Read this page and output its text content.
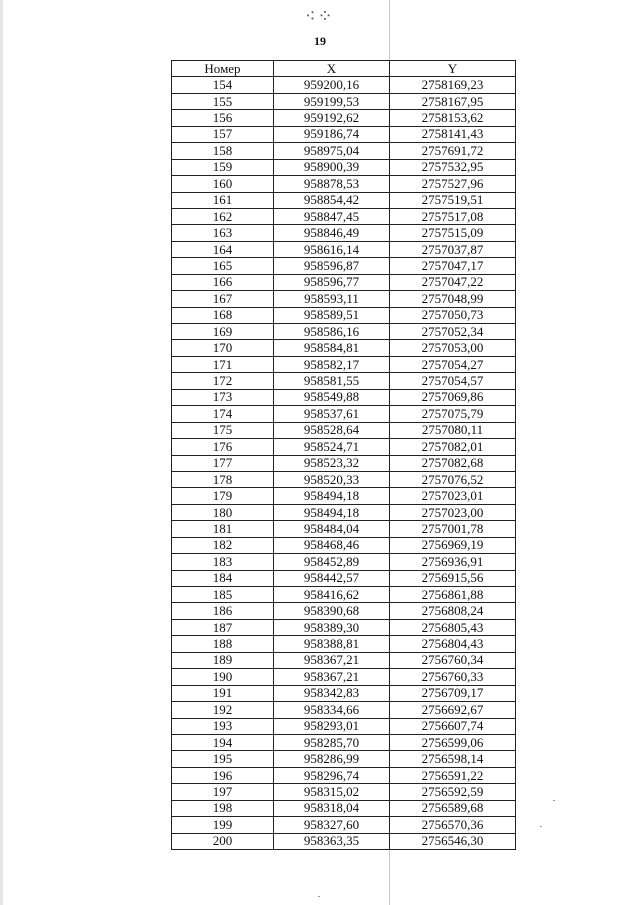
⁖⁘
19
Номер	X	Y
154	959200,16	2758169,23
155	959199,53	2758167,95
156	959192,62	2758153,62
157	959186,74	2758141,43
158	958975,04	2757691,72
159	958900,39	2757532,95
160	958878,53	2757527,96
161	958854,42	2757519,51
162	958847,45	2757517,08
163	958846,49	2757515,09
164	958616,14	2757037,87
165	958596,87	2757047,17
166	958596,77	2757047,22
167	958593,11	2757048,99
168	958589,51	2757050,73
169	958586,16	2757052,34
170	958584,81	2757053,00
171	958582,17	2757054,27
172	958581,55	2757054,57
173	958549,88	2757069,86
174	958537,61	2757075,79
175	958528,64	2757080,11
176	958524,71	2757082,01
177	958523,32	2757082,68
178	958520,33	2757076,52
179	958494,18	2757023,01
180	958494,18	2757023,00
181	958484,04	2757001,78
182	958468,46	2756969,19
183	958452,89	2756936,91
184	958442,57	2756915,56
185	958416,62	2756861,88
186	958390,68	2756808,24
187	958389,30	2756805,43
188	958388,81	2756804,43
189	958367,21	2756760,34
190	958367,21	2756760,33
191	958342,83	2756709,17
192	958334,66	2756692,67
193	958293,01	2756607,74
194	958285,70	2756599,06
195	958286,99	2756598,14
196	958296,74	2756591,22
197	958315,02	2756592,59
198	958318,04	2756589,68
199	958327,60	2756570,36
200	958363,35	2756546,30
